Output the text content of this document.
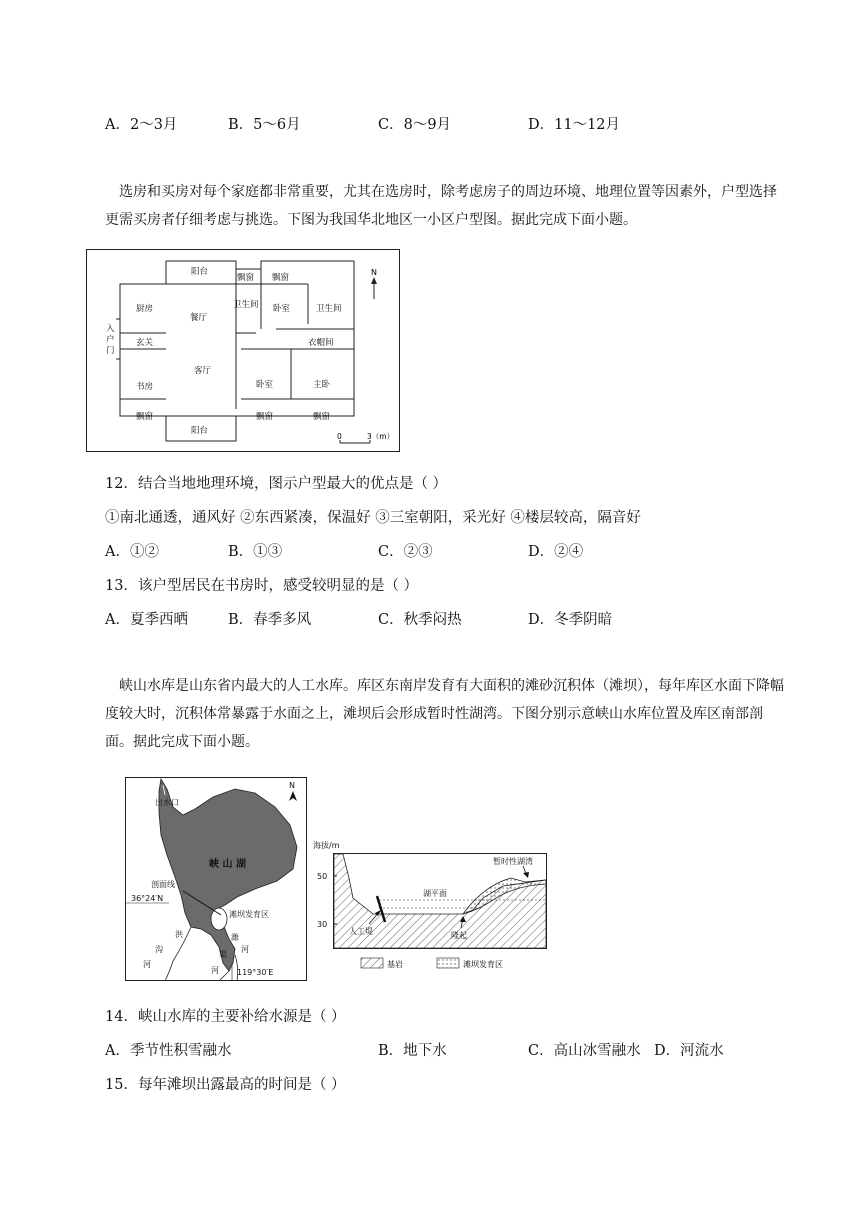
A．2～3月	B．5～6月	C．8～9月	D．11～12月
选房和买房对每个家庭都非常重要，尤其在选房时，除考虑房子的周边环境、地理位置等因素外，户型选择更需买房者仔细考虑与挑选。下图为我国华北地区一小区户型图。据此完成下面小题。
N
0	3（m）
阳台
飘窗 飘窗
厨房
餐厅
卫生间 卧室	卫生间
入
户
门
玄关	衣帽间
客厅
书房	卧室	主卧
飘窗	飘窗	飘窗
阳台
12．结合当地地理环境，图示户型最大的优点是（ ）
①南北通透，通风好 ②东西紧凑，保温好 ③三室朝阳，采光好 ④楼层较高，隔音好
A．①②	B．①③	C．②③	D．②④
13．该户型居民在书房时，感受较明显的是（ ）
A．夏季西晒	B．春季多风	C．秋季闷热	D．冬季阴暗
峡山水库是山东省内最大的人工水库。库区东南岸发育有大面积的滩砂沉积体（滩坝），每年库区水面下降幅度较大时，沉积体常暴露于水面之上，滩坝后会形成暂时性湖湾。下图分别示意峡山水库位置及库区南部剖面。据此完成下面小题。
出水口
N
峡 山 湖
剖面线
36°24′N
滩坝发育区
洪
沟
河
潍
河
渠
河 119°30′E
海拔/m
50
30
湖平面
暂时性湖湾
人工堤	隆起
基岩	滩坝发育区
14．峡山水库的主要补给水源是（ ）
A．季节性积雪融水	B．地下水	C．高山冰雪融水 D．河流水
15．每年滩坝出露最高的时间是（ ）
